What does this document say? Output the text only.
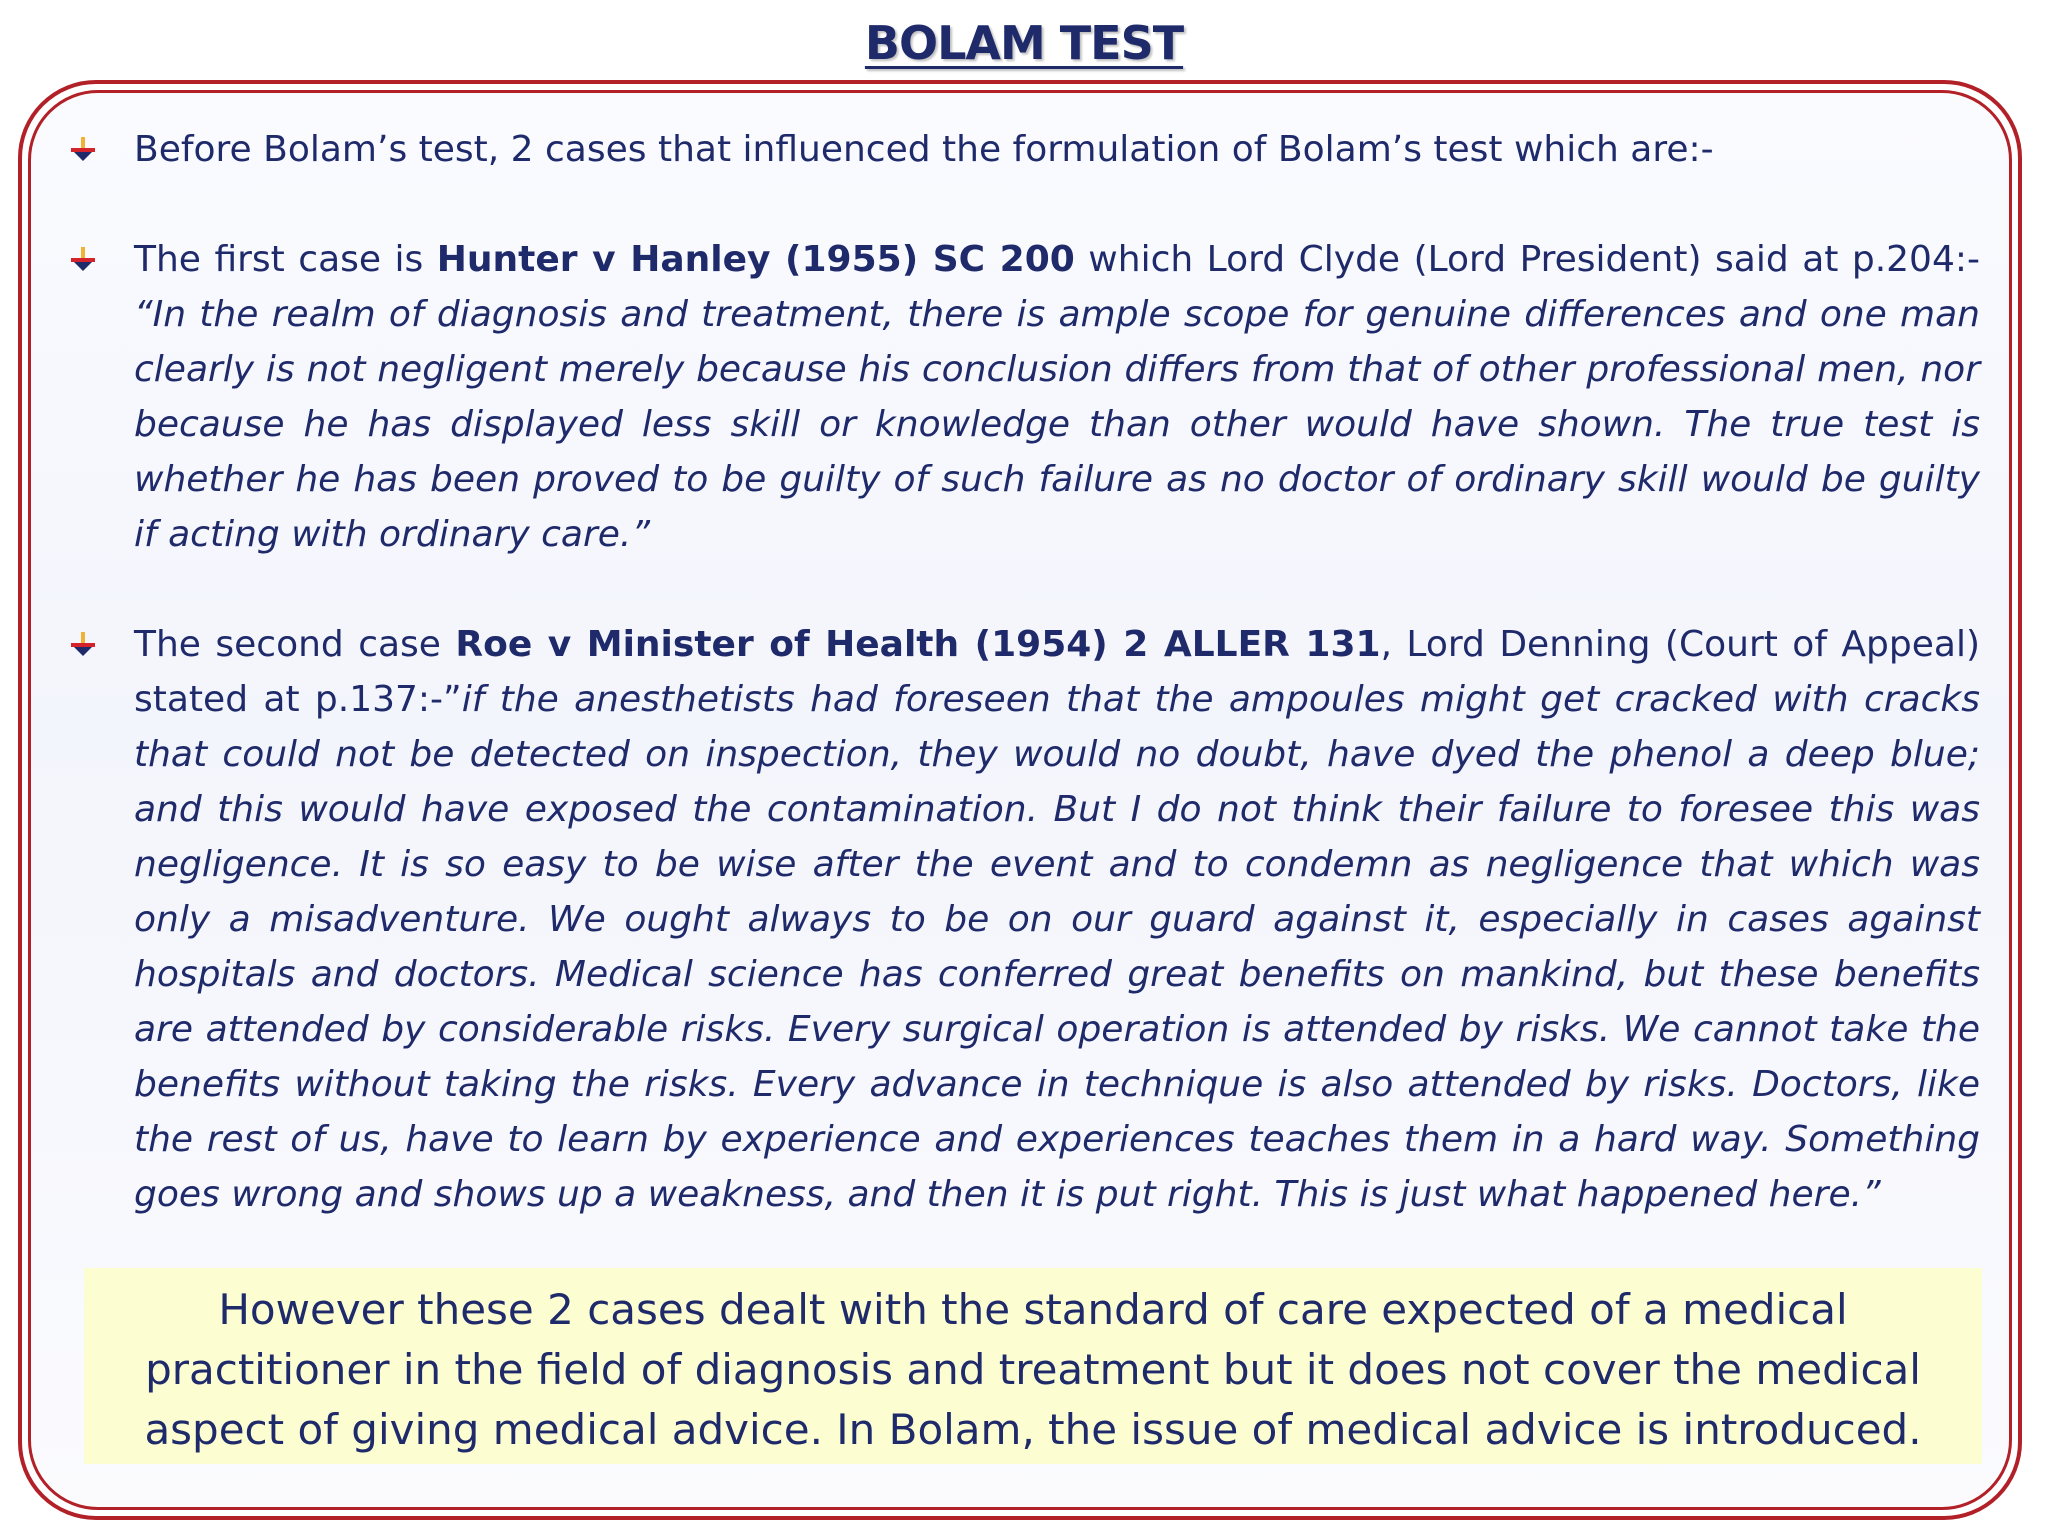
BOLAM TEST
Before Bolam’s test, 2 cases that influenced the formulation of Bolam’s test which are:-
The first case is Hunter v Hanley (1955) SC 200 which Lord Clyde (Lord President) said at p.204:- “In the realm of diagnosis and treatment, there is ample scope for genuine differences and one man clearly is not negligent merely because his conclusion differs from that of other professional men, nor because he has displayed less skill or knowledge than other would have shown. The true test is whether he has been proved to be guilty of such failure as no doctor of ordinary skill would be guilty if acting with ordinary care.”
The second case Roe v Minister of Health (1954) 2 ALLER 131, Lord Denning (Court of Appeal) stated at p.137:-”if the anesthetists had foreseen that the ampoules might get cracked with cracks that could not be detected on inspection, they would no doubt, have dyed the phenol a deep blue; and this would have exposed the contamination. But I do not think their failure to foresee this was negligence. It is so easy to be wise after the event and to condemn as negligence that which was only a misadventure. We ought always to be on our guard against it, especially in cases against hospitals and doctors. Medical science has conferred great benefits on mankind, but these benefits are attended by considerable risks. Every surgical operation is attended by risks. We cannot take the benefits without taking the risks. Every advance in technique is also attended by risks. Doctors, like the rest of us, have to learn by experience and experiences teaches them in a hard way. Something goes wrong and shows up a weakness, and then it is put right. This is just what happened here.”
However these 2 cases dealt with the standard of care expected of a medical practitioner in the field of diagnosis and treatment but it does not cover the medical aspect of giving medical advice. In Bolam, the issue of medical advice is introduced.
